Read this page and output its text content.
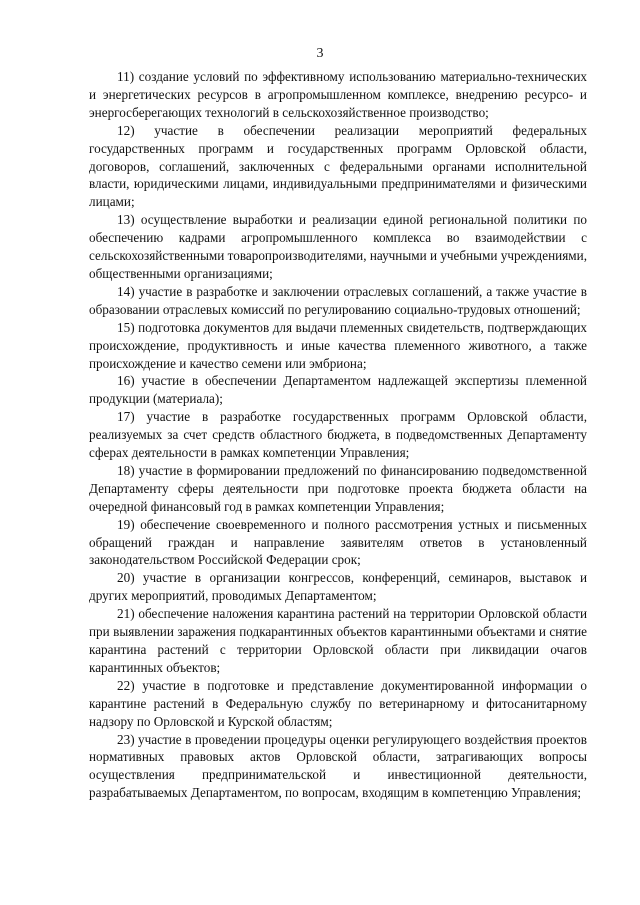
3

11) создание условий по эффективному использованию материально-технических и энергетических ресурсов в агропромышленном комплексе, внедрению ресурсо- и энергосберегающих технологий в сельскохозяйственное производство;

12) участие в обеспечении реализации мероприятий федеральных государственных программ и государственных программ Орловской области, договоров, соглашений, заключенных с федеральными органами исполнительной власти, юридическими лицами, индивидуальными предпринимателями и физическими лицами;

13) осуществление выработки и реализации единой региональной политики по обеспечению кадрами агропромышленного комплекса во взаимодействии с сельскохозяйственными товаропроизводителями, научными и учебными учреждениями, общественными организациями;

14) участие в разработке и заключении отраслевых соглашений, а также участие в образовании отраслевых комиссий по регулированию социально-трудовых отношений;

15) подготовка документов для выдачи племенных свидетельств, подтверждающих происхождение, продуктивность и иные качества племенного животного, а также происхождение и качество семени или эмбриона;

16) участие в обеспечении Департаментом надлежащей экспертизы племенной продукции (материала);

17) участие в разработке государственных программ Орловской области, реализуемых за счет средств областного бюджета, в подведомственных Департаменту сферах деятельности в рамках компетенции Управления;

18) участие в формировании предложений по финансированию подведомственной Департаменту сферы деятельности при подготовке проекта бюджета области на очередной финансовый год в рамках компетенции Управления;

19) обеспечение своевременного и полного рассмотрения устных и письменных обращений граждан и направление заявителям ответов в установленный законодательством Российской Федерации срок;

20) участие в организации конгрессов, конференций, семинаров, выставок и других мероприятий, проводимых Департаментом;

21) обеспечение наложения карантина растений на территории Орловской области при выявлении заражения подкарантинных объектов карантинными объектами и снятие карантина растений с территории Орловской области при ликвидации очагов карантинных объектов;

22) участие в подготовке и представление документированной информации о карантине растений в Федеральную службу по ветеринарному и фитосанитарному надзору по Орловской и Курской областям;

23) участие в проведении процедуры оценки регулирующего воздействия проектов нормативных правовых актов Орловской области, затрагивающих вопросы осуществления предпринимательской и инвестиционной деятельности, разрабатываемых Департаментом, по вопросам, входящим в компетенцию Управления;
